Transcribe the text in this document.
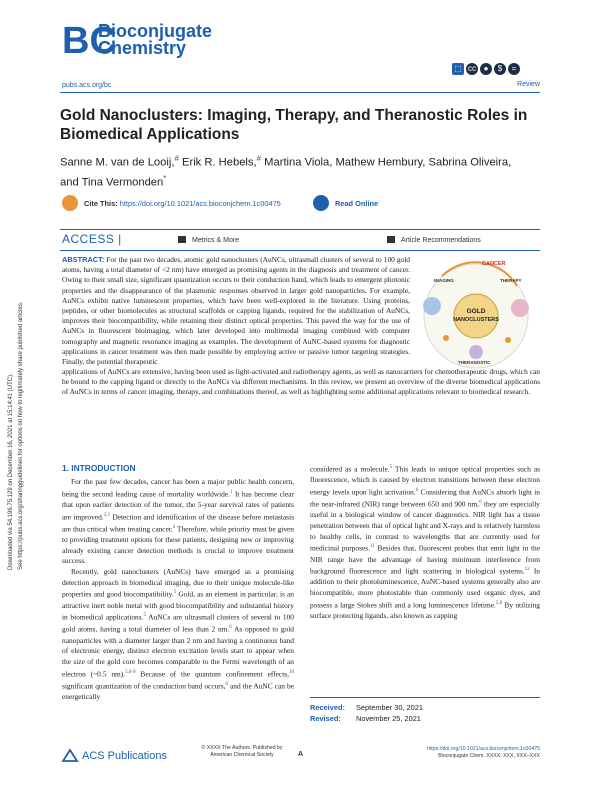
BC
Bioconjugate
Chemistry
⬚ cc ● $ =
pubs.acs.org/bc	Review
Gold Nanoclusters: Imaging, Therapy, and Theranostic Roles in Biomedical Applications
Sanne M. van de Looij,# Erik R. Hebels,# Martina Viola, Mathew Hembury, Sabrina Oliveira,
and Tina Vermonden*
Cite This: https://doi.org/10.1021/acs.bioconjchem.1c00475	Read Online
ACCESS |	Metrics & More	Article Recommendations
ABSTRACT: For the past two decades, atomic gold nanoclusters (AuNCs, ultrasmall clusters of several to 100 gold atoms, having a total diameter of <2 nm) have emerged as promising agents in the diagnosis and treatment of cancer. Owing to their small size, significant quantization occurs to their conduction band, which leads to emergent photonic properties and the disappearance of the plasmonic responses observed in larger gold nanoparticles. For example, AuNCs exhibit native luminescent properties, which have been well-explored in the literature. Using proteins, peptides, or other biomolecules as structural scaffolds or capping ligands, required for the stabilization of AuNCs, improves their biocompatibility, while retaining their distinct optical properties. This paved the way for the use of AuNCs in fluorescent bioimaging, which later developed into multimodal imaging combined with computer tomography and magnetic resonance imaging as examples. The development of AuNC-based systems for diagnostic applications in cancer treatment was then made possible by employing active or passive tumor targeting strategies. Finally, the potential therapeutic
GOLD
NANOCLUSTERS
CANCER
IMAGING	THERAPY
THERANOSTIC
applications of AuNCs are extensive, having been used as light-activated and radiotherapy agents, as well as nanocarriers for chemotherapeutic drugs, which can be bound to the capping ligand or directly to the AuNCs via different mechanisms. In this review, we present an overview of the diverse biomedical applications of AuNCs in terms of cancer imaging, therapy, and combinations thereof, as well as highlighting some additional applications relevant to biomedical research.
Downloaded via 54.196.75.129 on December 16, 2021 at 15:14:41 (UTC). See https://pubs.acs.org/sharingguidelines for options on how to legitimately share published articles.	1. INTRODUCTION

For the past few decades, cancer has been a major public health concern, being the second leading cause of mortality worldwide.$^1$ It has become clear that upon earlier detection of the tumor, the 5-year survival rates of patients are improved.$^{2,3}$ Detection and identification of the disease before metastasis are thus critical when treating cancer.$^4$ Therefore, while priority must be given to providing treatment options for these patients, designing new or improving already existing cancer detection methods is crucial to improve treatment success.

Recently, gold nanoclusters (AuNCs) have emerged as a promising detection approach in biomedical imaging, due to their unique molecule-like properties and good biocompatibility.$^5$ Gold, as an element in particular, is an attractive inert noble metal with good biocompatibility and substantial history in biomedical applications.$^5$ AuNCs are ultrasmall clusters of several to 100 gold atoms, having a total diameter of less than 2 nm.$^6$ As opposed to gold nanoparticles with a diameter larger than 2 nm and having a continuous band of electronic energy, distinct electron excitation levels start to appear when the size of the gold core becomes comparable to the Fermi wavelength of an electron (~0.5 nm).$^{5,6-9}$ Because of the quantum confinement effects,$^{10}$ significant quantization of the conduction band occurs,$^6$ and the AuNC can be energetically

considered as a molecule.$^5$ This leads to unique optical properties such as fluorescence, which is caused by electron transitions between these electron energy levels upon light activation.$^6$ Considering that AuNCs absorb light in the near-infrared (NIR) range between 650 and 900 nm,$^6$ they are especially useful in a biological window of cancer diagnostics. NIR light has a tissue penetration between that of optical light and X-rays and is relatively harmless to healthy cells, in contrast to wavelengths that are currently used for medicinal purposes.$^{11}$ Besides that, fluorescent probes that emit light in the NIR range have the advantage of having minimum interference from background fluorescence and light scattering in biological systems.$^{12}$ In addition to their photoluminescence, AuNC-based systems generally also are biocompatible, more photostable than commonly used organic dyes, and possess a large Stokes shift and a long luminescence lifetime.$^{5,8}$ By utilizing surface protecting ligands, also known as capping

Received: September 30, 2021
Revised: November 25, 2021
ACS Publications
© XXXX The Authors. Published by
American Chemical Society	A
https://doi.org/10.1021/acs.bioconjchem.1c00475
Bioconjugate Chem. XXXX, XXX, XXX–XXX
